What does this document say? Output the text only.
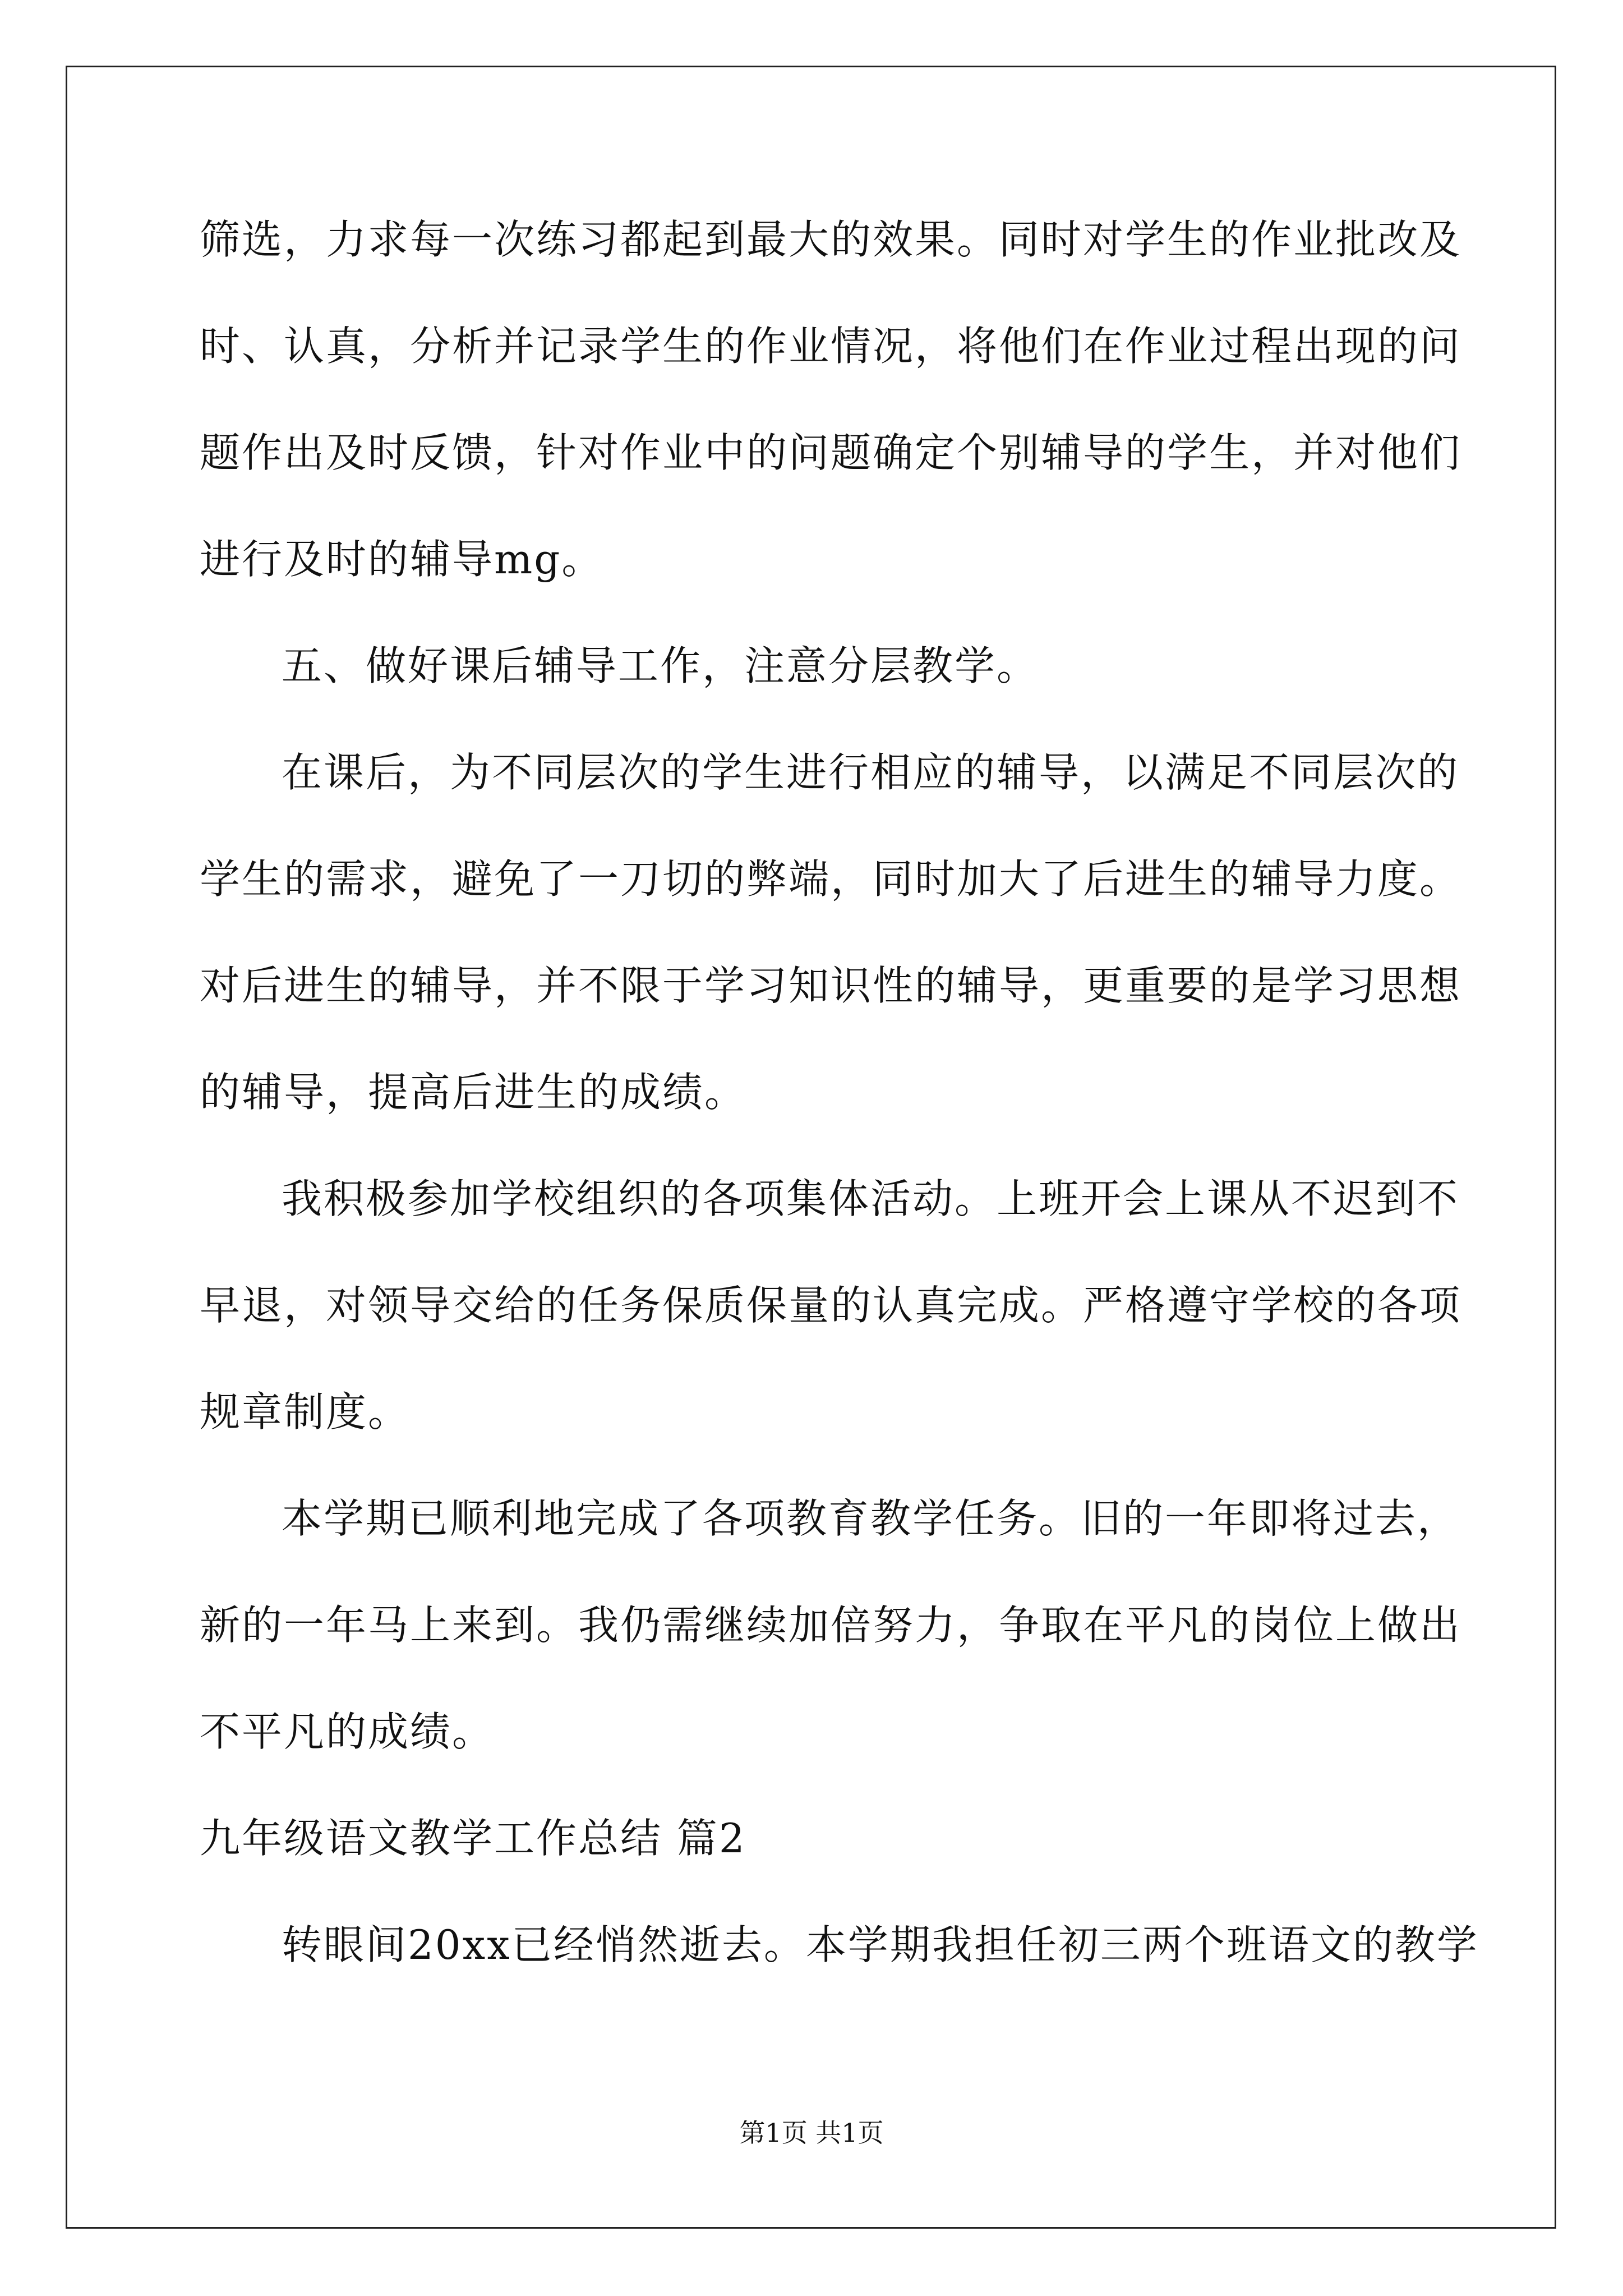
筛选，力求每一次练习都起到最大的效果。同时对学生的作业批改及
时、认真，分析并记录学生的作业情况，将他们在作业过程出现的问
题作出及时反馈，针对作业中的问题确定个别辅导的学生，并对他们
进行及时的辅导mg。
五、做好课后辅导工作，注意分层教学。
在课后，为不同层次的学生进行相应的辅导，以满足不同层次的
学生的需求，避免了一刀切的弊端，同时加大了后进生的辅导力度。
对后进生的辅导，并不限于学习知识性的辅导，更重要的是学习思想
的辅导，提高后进生的成绩。
我积极参加学校组织的各项集体活动。上班开会上课从不迟到不
早退，对领导交给的任务保质保量的认真完成。严格遵守学校的各项
规章制度。
本学期已顺利地完成了各项教育教学任务。旧的一年即将过去，
新的一年马上来到。我仍需继续加倍努力，争取在平凡的岗位上做出
不平凡的成绩。
九年级语文教学工作总结 篇2
转眼间20xx已经悄然逝去。本学期我担任初三两个班语文的教学
第1页 共1页
